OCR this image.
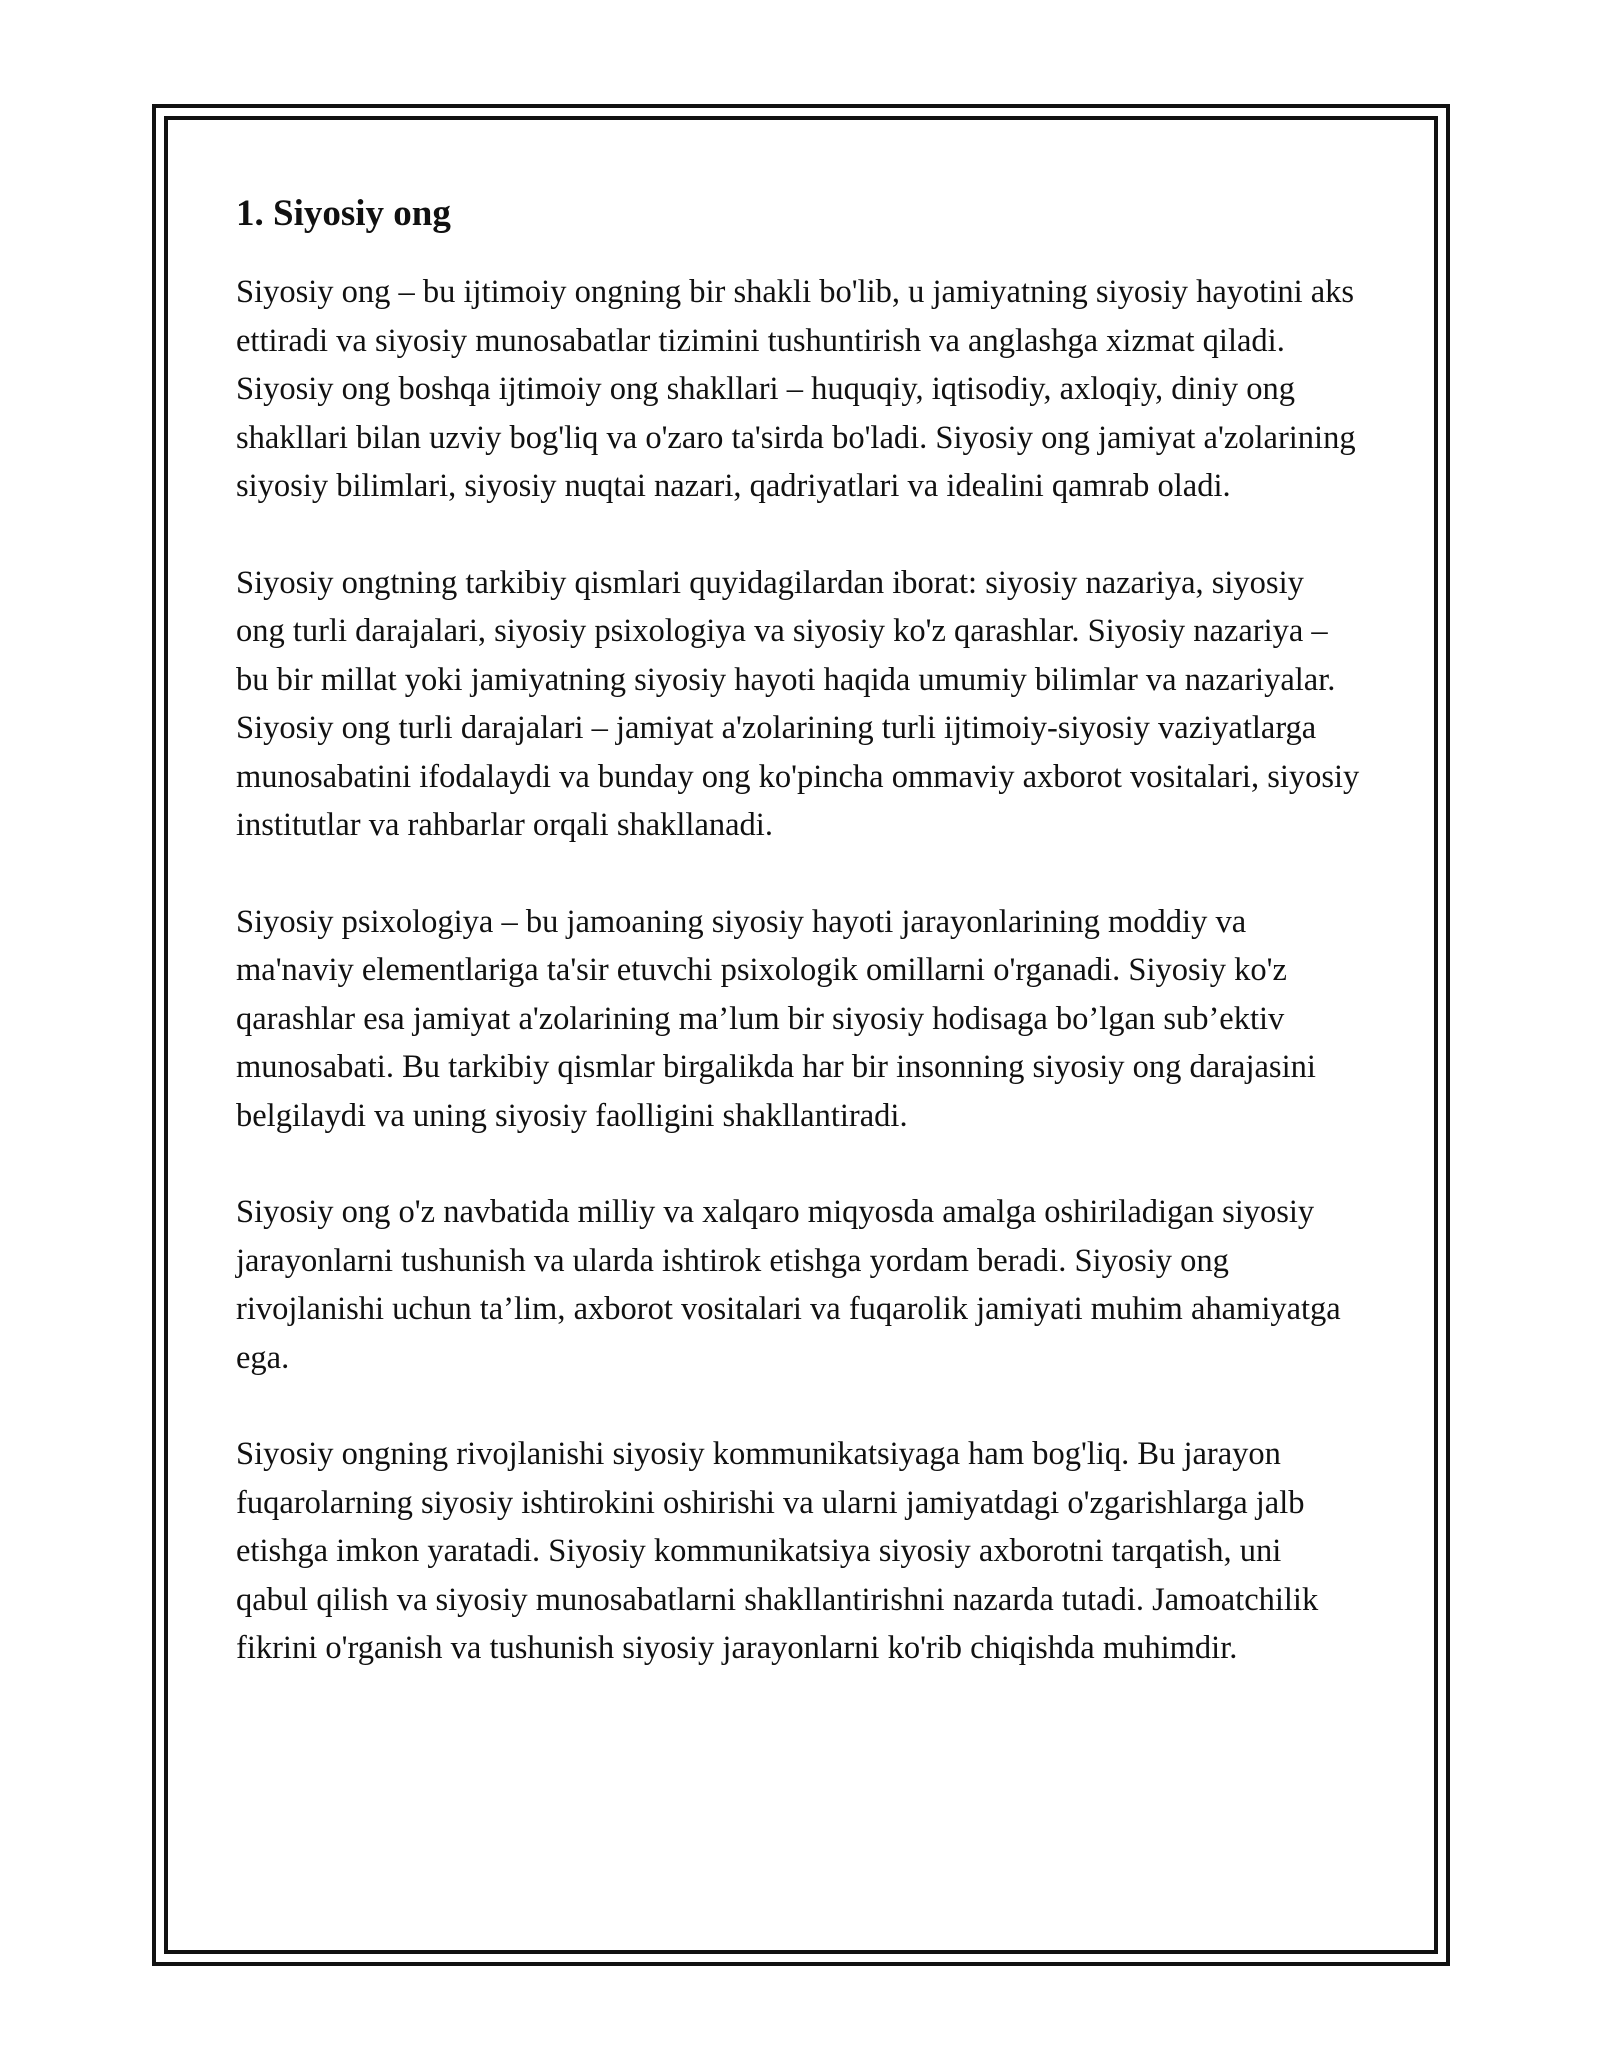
1. Siyosiy ong

Siyosiy ong – bu ijtimoiy ongning bir shakli bo'lib, u jamiyatning siyosiy hayotini aks ettiradi va siyosiy munosabatlar tizimini tushuntirish va anglashga xizmat qiladi. Siyosiy ong boshqa ijtimoiy ong shakllari – huquqiy, iqtisodiy, axloqiy, diniy ong shakllari bilan uzviy bog'liq va o'zaro ta'sirda bo'ladi. Siyosiy ong jamiyat a'zolarining siyosiy bilimlari, siyosiy nuqtai nazari, qadriyatlari va idealini qamrab oladi.

Siyosiy ongtning tarkibiy qismlari quyidagilardan iborat: siyosiy nazariya, siyosiy ong turli darajalari, siyosiy psixologiya va siyosiy ko'z qarashlar. Siyosiy nazariya – bu bir millat yoki jamiyatning siyosiy hayoti haqida umumiy bilimlar va nazariyalar. Siyosiy ong turli darajalari – jamiyat a'zolarining turli ijtimoiy-siyosiy vaziyatlarga munosabatini ifodalaydi va bunday ong ko'pincha ommaviy axborot vositalari, siyosiy institutlar va rahbarlar orqali shakllanadi.

Siyosiy psixologiya – bu jamoaning siyosiy hayoti jarayonlarining moddiy va ma'naviy elementlariga ta'sir etuvchi psixologik omillarni o'rganadi. Siyosiy ko'z qarashlar esa jamiyat a'zolarining ma’lum bir siyosiy hodisaga bo’lgan sub’ektiv munosabati. Bu tarkibiy qismlar birgalikda har bir insonning siyosiy ong darajasini belgilaydi va uning siyosiy faolligini shakllantiradi.

Siyosiy ong o'z navbatida milliy va xalqaro miqyosda amalga oshiriladigan siyosiy jarayonlarni tushunish va ularda ishtirok etishga yordam beradi. Siyosiy ong rivojlanishi uchun ta’lim, axborot vositalari va fuqarolik jamiyati muhim ahamiyatga ega.

Siyosiy ongning rivojlanishi siyosiy kommunikatsiyaga ham bog'liq. Bu jarayon fuqarolarning siyosiy ishtirokini oshirishi va ularni jamiyatdagi o'zgarishlarga jalb etishga imkon yaratadi. Siyosiy kommunikatsiya siyosiy axborotni tarqatish, uni qabul qilish va siyosiy munosabatlarni shakllantirishni nazarda tutadi. Jamoatchilik fikrini o'rganish va tushunish siyosiy jarayonlarni ko'rib chiqishda muhimdir.
